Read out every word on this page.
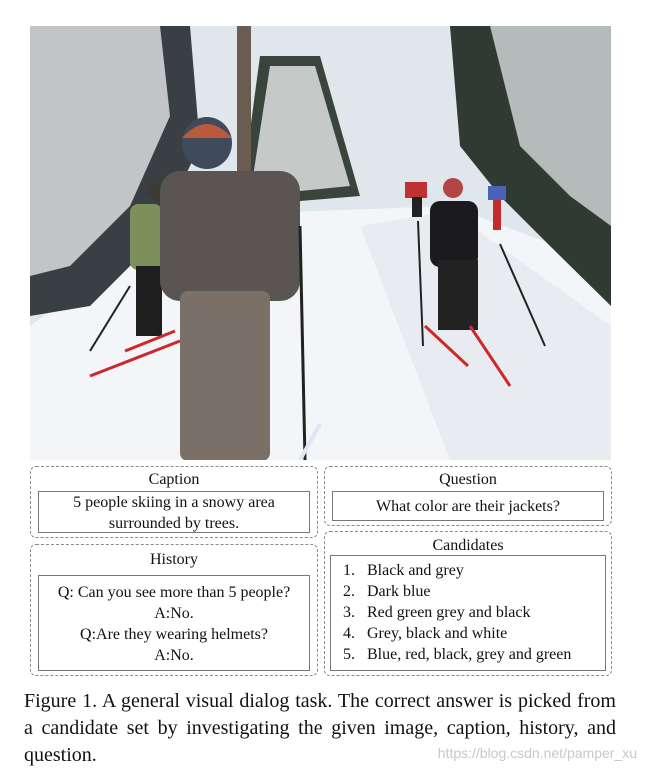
Caption
5 people skiing in a snowy area
surrounded by trees.
Question
What color are their jackets?
History
Q: Can you see more than 5 people?
A:No.
Q:Are they wearing helmets?
A:No.
Candidates
1. Black and grey
2. Dark blue
3. Red green grey and black
4. Grey, black and white
5. Blue, red, black, grey and green
Figure 1. A general visual dialog task. The correct answer is picked from a candidate set by investigating the given image, caption, history, and question.	https://blog.csdn.net/pamper_xu
